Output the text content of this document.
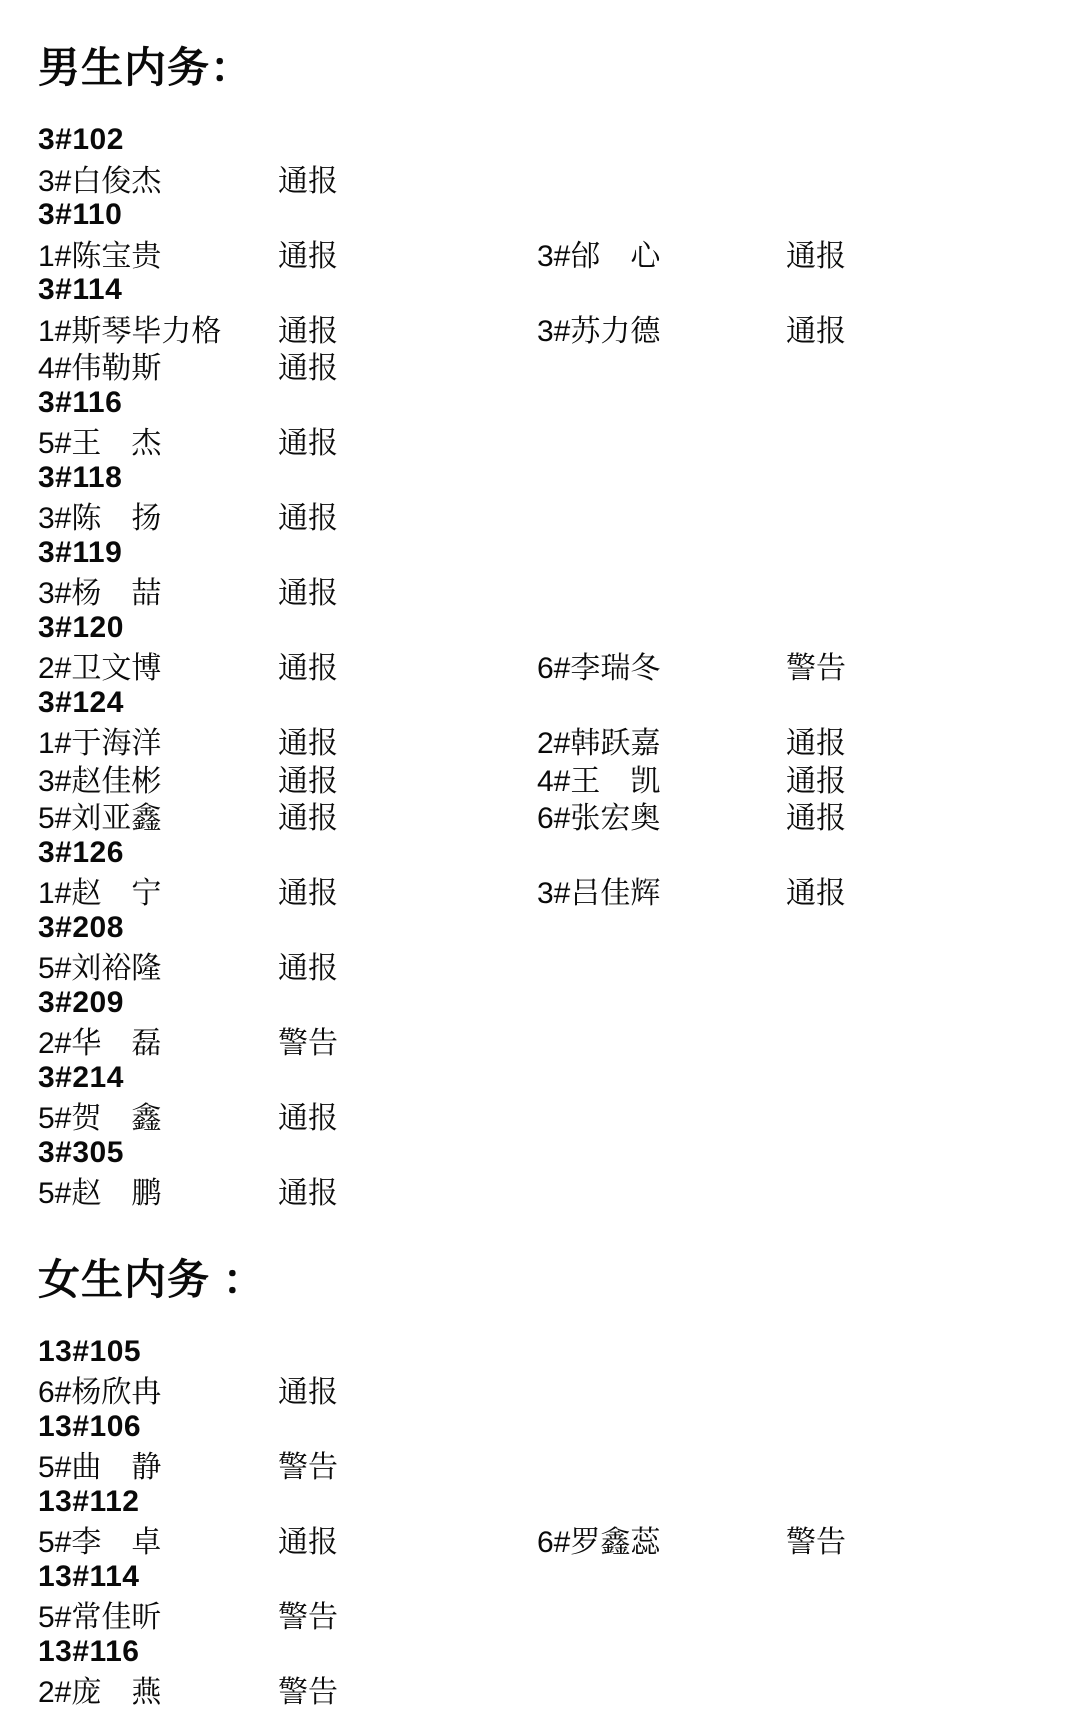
男生内务：
3#102
3#白俊杰	通报
3#110
1#陈宝贵	通报	3#邰　心	通报
3#114
1#斯琴毕力格	通报	3#苏力德	通报
4#伟勒斯	通报
3#116
5#王　杰	通报
3#118
3#陈　扬	通报
3#119
3#杨　喆	通报
3#120
2#卫文博	通报	6#李瑞冬	警告
3#124
1#于海洋	通报	2#韩跃嘉	通报
3#赵佳彬	通报	4#王　凯	通报
5#刘亚鑫	通报	6#张宏奥	通报
3#126
1#赵　宁	通报	3#吕佳辉	通报
3#208
5#刘裕隆	通报
3#209
2#华　磊	警告
3#214
5#贺　鑫	通报
3#305
5#赵　鹏	通报
女生内务 ：
13#105
6#杨欣冉	通报
13#106
5#曲　静	警告
13#112
5#李　卓	通报	6#罗鑫蕊	警告
13#114
5#常佳昕	警告
13#116
2#庞　燕	警告
